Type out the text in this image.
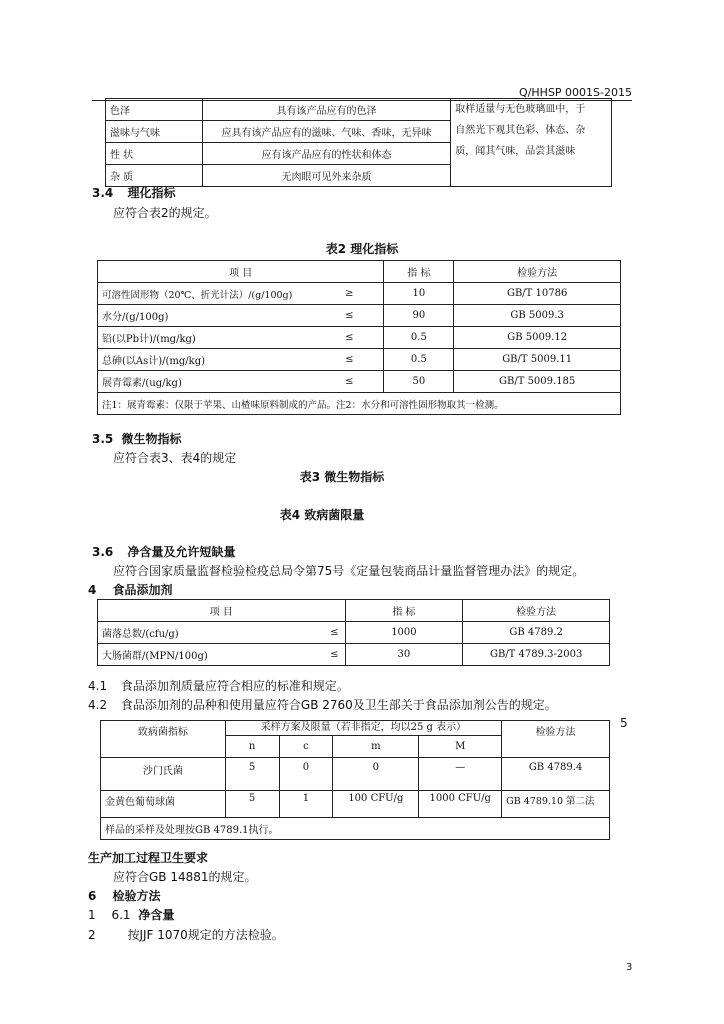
Q/HHSP 0001S-2015
色泽	具有该产品应有的色泽	取样适量与无色玻璃皿中，于
自然光下观其色彩、体态、杂
质，闻其气味，品尝其滋味

滋味与气味	应具有该产品应有的滋味、气味、香味，无异味	
性 状	应有该产品应有的性状和体态	
杂 质	无肉眼可见外来杂质	
3.4 理化指标
应符合表2的规定。
表2 理化指标
项 目		指 标	检验方法
可溶性固形物（20℃、折光计法）/(g/100g)	≥	10	GB/T 10786
水分/(g/100g)	≤	90	GB 5009.3
铅(以Pb计)/(mg/kg)	≤	0.5	GB 5009.12
总砷(以As计)/(mg/kg)	≤	0.5	GB/T 5009.11
展青霉素/(ug/kg)	≤	50	GB/T 5009.185
注1：展青霉素：仅限于苹果、山楂味原料制成的产品。注2：水分和可溶性固形物取其一检测。			
3.5 微生物指标
应符合表3、表4的规定
表3 微生物指标
表4 致病菌限量
3.6 净含量及允许短缺量
应符合国家质量监督检验检疫总局令第75号《定量包装商品计量监督管理办法》的规定。
4 食品添加剂
项 目		指 标	检验方法
菌落总数/(cfu/g)	≤	1000	GB 4789.2
大肠菌群/(MPN/100g)	≤	30	GB/T 4789.3-2003
4.1 食品添加剂质量应符合相应的标准和规定。
4.2 食品添加剂的品种和使用量应符合GB 2760及卫生部关于食品添加剂公告的规定。
5
致病菌指标	采样方案及限量（若非指定，均以25 g 表示）				检验方法
	n	c	m	M	
沙门氏菌	5	0	0	—	GB 4789.4
金黄色葡萄球菌	5	1	100 CFU/g	1000 CFU/g	GB 4789.10 第二法
样品的采样及处理按GB 4789.1执行。					
生产加工过程卫生要求
应符合GB 14881的规定。
6 检验方法
1 6.1 净含量
2	按JJF 1070规定的方法检验。
3
